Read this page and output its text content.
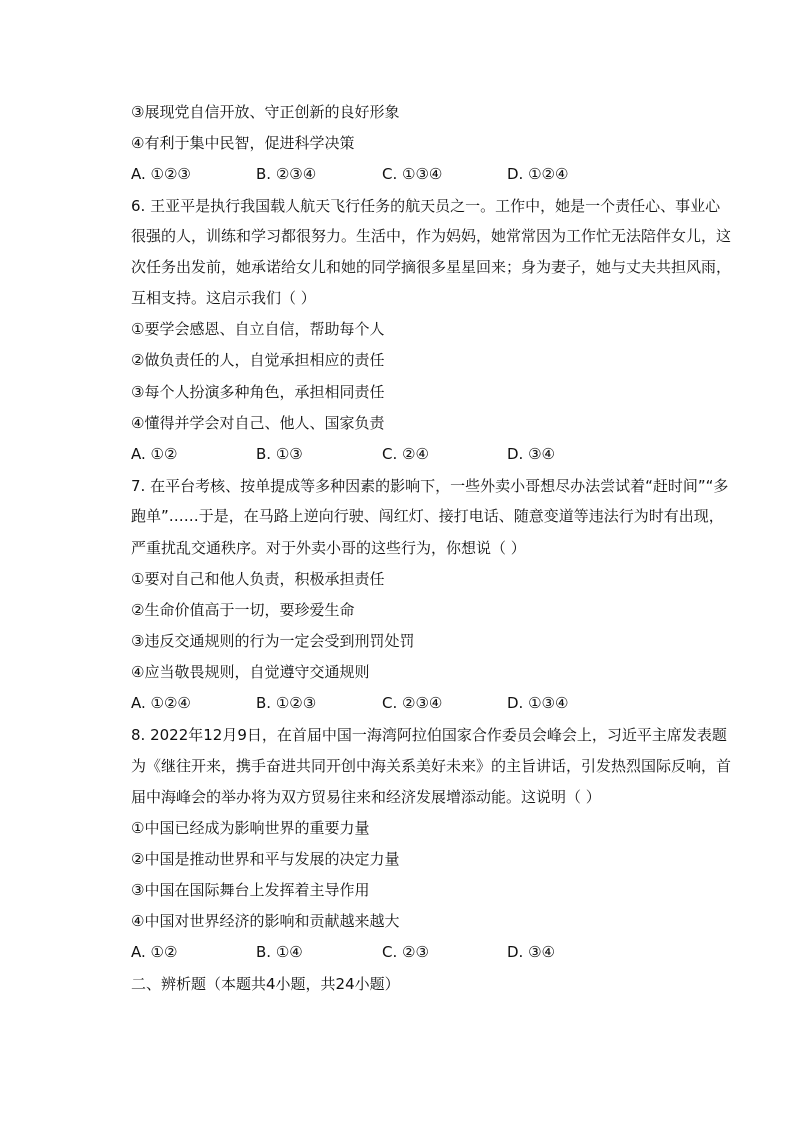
③展现党自信开放、守正创新的良好形象
④有利于集中民智，促进科学决策
A. ①②③	B. ②③④	C. ①③④	D. ①②④
6. 王亚平是执行我国载人航天飞行任务的航天员之一。工作中，她是一个责任心、事业心
很强的人，训练和学习都很努力。生活中，作为妈妈，她常常因为工作忙无法陪伴女儿，这
次任务出发前，她承诺给女儿和她的同学摘很多星星回来；身为妻子，她与丈夫共担风雨，
互相支持。这启示我们（ ）
①要学会感恩、自立自信，帮助每个人
②做负责任的人，自觉承担相应的责任
③每个人扮演多种角色，承担相同责任
④懂得并学会对自己、他人、国家负责
A. ①②	B. ①③	C. ②④	D. ③④
7. 在平台考核、按单提成等多种因素的影响下，一些外卖小哥想尽办法尝试着“赶时间”“多
跑单”……于是，在马路上逆向行驶、闯红灯、接打电话、随意变道等违法行为时有出现，
严重扰乱交通秩序。对于外卖小哥的这些行为，你想说（ ）
①要对自己和他人负责，积极承担责任
②生命价值高于一切，要珍爱生命
③违反交通规则的行为一定会受到刑罚处罚
④应当敬畏规则，自觉遵守交通规则
A. ①②④	B. ①②③	C. ②③④	D. ①③④
8. 2022年12月9日，在首届中国一海湾阿拉伯国家合作委员会峰会上，习近平主席发表题
为《继往开来，携手奋进共同开创中海关系美好未来》的主旨讲话，引发热烈国际反响，首
届中海峰会的举办将为双方贸易往来和经济发展增添动能。这说明（ ）
①中国已经成为影响世界的重要力量
②中国是推动世界和平与发展的决定力量
③中国在国际舞台上发挥着主导作用
④中国对世界经济的影响和贡献越来越大
A. ①②	B. ①④	C. ②③	D. ③④
二、辨析题（本题共4小题，共24小题）
